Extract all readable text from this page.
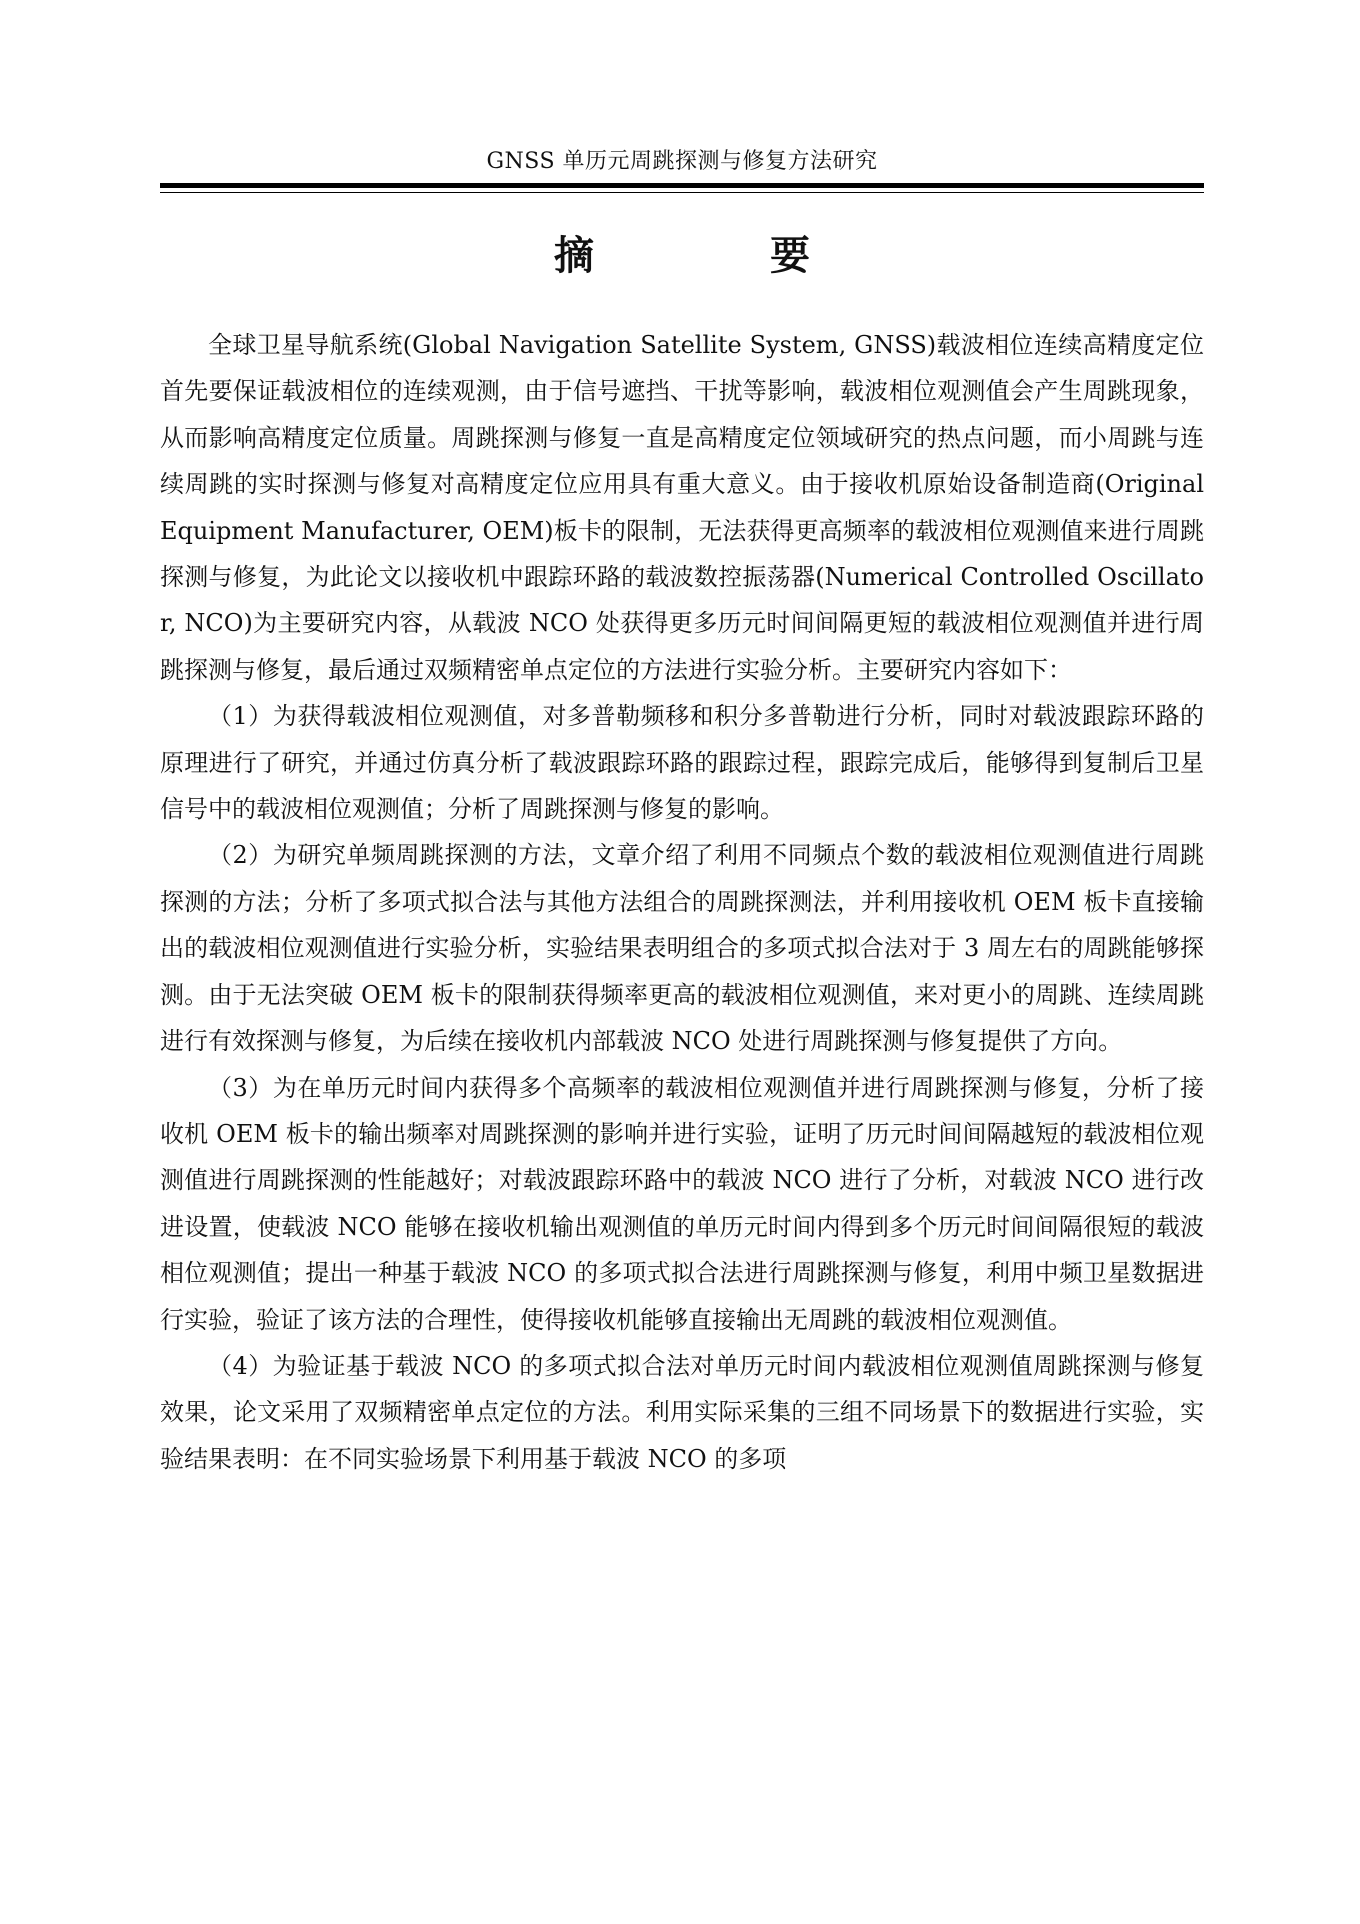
GNSS 单历元周跳探测与修复方法研究
摘　要

全球卫星导航系统(Global Navigation Satellite System, GNSS)载波相位连续高精度定位首先要保证载波相位的连续观测，由于信号遮挡、干扰等影响，载波相位观测值会产生周跳现象，从而影响高精度定位质量。周跳探测与修复一直是高精度定位领域研究的热点问题，而小周跳与连续周跳的实时探测与修复对高精度定位应用具有重大意义。由于接收机原始设备制造商(Original Equipment Manufacturer, OEM)板卡的限制，无法获得更高频率的载波相位观测值来进行周跳探测与修复，为此论文以接收机中跟踪环路的载波数控振荡器(Numerical Controlled Oscillator, NCO)为主要研究内容，从载波 NCO 处获得更多历元时间间隔更短的载波相位观测值并进行周跳探测与修复，最后通过双频精密单点定位的方法进行实验分析。主要研究内容如下：

（1）为获得载波相位观测值，对多普勒频移和积分多普勒进行分析，同时对载波跟踪环路的原理进行了研究，并通过仿真分析了载波跟踪环路的跟踪过程，跟踪完成后，能够得到复制后卫星信号中的载波相位观测值；分析了周跳探测与修复的影响。

（2）为研究单频周跳探测的方法，文章介绍了利用不同频点个数的载波相位观测值进行周跳探测的方法；分析了多项式拟合法与其他方法组合的周跳探测法，并利用接收机 OEM 板卡直接输出的载波相位观测值进行实验分析，实验结果表明组合的多项式拟合法对于 3 周左右的周跳能够探测。由于无法突破 OEM 板卡的限制获得频率更高的载波相位观测值，来对更小的周跳、连续周跳进行有效探测与修复，为后续在接收机内部载波 NCO 处进行周跳探测与修复提供了方向。

（3）为在单历元时间内获得多个高频率的载波相位观测值并进行周跳探测与修复，分析了接收机 OEM 板卡的输出频率对周跳探测的影响并进行实验，证明了历元时间间隔越短的载波相位观测值进行周跳探测的性能越好；对载波跟踪环路中的载波 NCO 进行了分析，对载波 NCO 进行改进设置，使载波 NCO 能够在接收机输出观测值的单历元时间内得到多个历元时间间隔很短的载波相位观测值；提出一种基于载波 NCO 的多项式拟合法进行周跳探测与修复，利用中频卫星数据进行实验，验证了该方法的合理性，使得接收机能够直接输出无周跳的载波相位观测值。

（4）为验证基于载波 NCO 的多项式拟合法对单历元时间内载波相位观测值周跳探测与修复效果，论文采用了双频精密单点定位的方法。利用实际采集的三组不同场景下的数据进行实验，实验结果表明：在不同实验场景下利用基于载波 NCO 的多项
